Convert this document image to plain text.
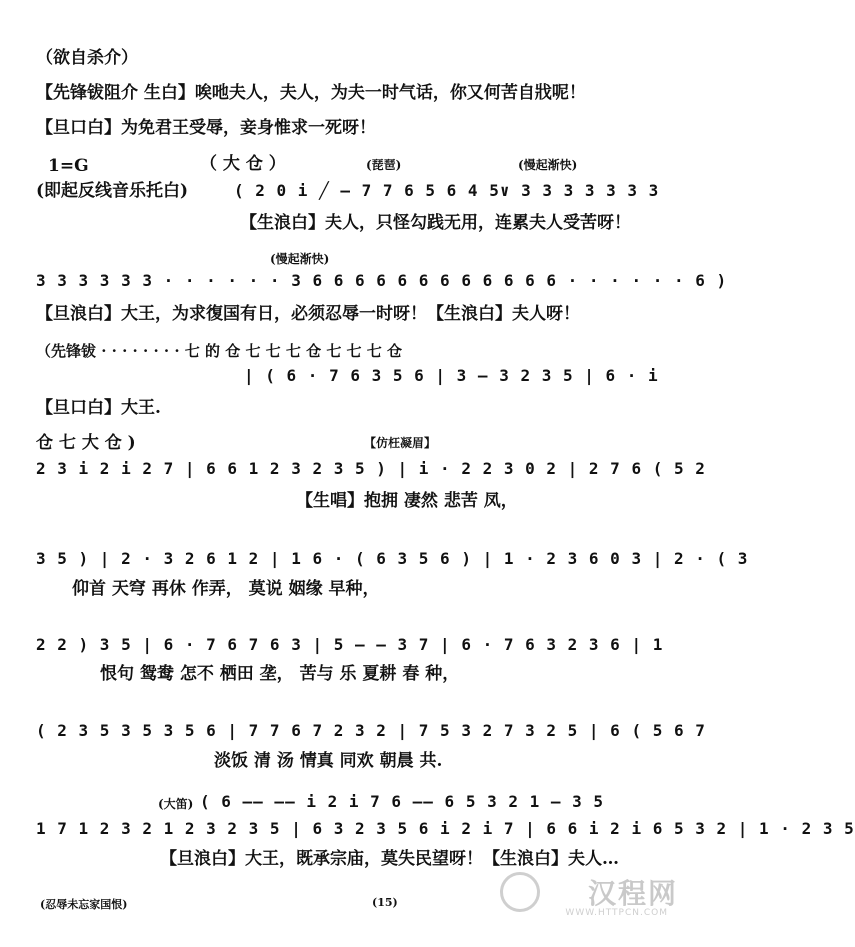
（欲自杀介）
【先锋钹阻介 生白】唉吔夫人，夫人，为夫一时气话，你又何苦自戕呢！
【旦口白】为免君王受辱，妾身惟求一死呀！
1=G	（ 大 仓 ）	(琵琶)	(慢起渐快)
(即起反线音乐托白)	( 2 0 i ╱ – 7 7 6 5 6 4 5∨ 3 3 3 3 3 3 3
【生浪白】夫人，只怪勾践无用，连累夫人受苦呀！
(慢起渐快)
3 3 3 3 3 3 · · · · · · 3 6 6 6 6 6 6 6 6 6 6 6 6 · · · · · · 6 )
【旦浪白】大王，为求復国有日，必须忍辱一时呀！【生浪白】夫人呀！
（先锋钹 · · · · · · · · 七 的 仓 七 七 七 仓 七 七 七 仓
| ( 6 · 7 6 3 5 6 | 3 — 3 2 3 5 | 6 · i
【旦口白】大王.
仓 七 大 仓 )	【仿枉凝眉】
2 3 i 2 i 2 7 | 6 6 1 2 3 2 3 5 ) | i · 2 2 3 0 2 | 2 7 6 ( 5 2
【生唱】抱拥 凄然 悲苦 凤，
3 5 ) | 2 · 3 2 6 1 2 | 1 6 · ( 6 3 5 6 ) | 1 · 2 3 6 0 3 | 2 · ( 3
仰首 天穹 再休 作弄， 莫说 姻缘 早种，
2 2 ) 3 5 | 6 · 7 6 7 6 3 | 5 – – 3 7 | 6 · 7 6 3 2 3 6 | 1
恨句 鸳鸯 怎不 栖田 垄， 苦与 乐 夏耕 春 种，
( 2 3 5 3 5 3 5 6 | 7 7 6 7 2 3 2 | 7 5 3 2 7 3 2 5 | 6 ( 5 6 7
淡饭 清 汤 情真 同欢 朝晨 共.
(大笛) ( 6 —— —— i 2 i 7 6 —— 6 5 3 2 1 – 3 5
1 7 1 2 3 2 1 2 3 2 3 5 | 6 3 2 3 5 6 i 2 i 7 | 6 6 i 2 i 6 5 3 2 | 1 · 2 3 5
【旦浪白】大王，既承宗庙，莫失民望呀！【生浪白】夫人…
(忍辱未忘家国恨)	(15)	汉程网
WWW.HTTPCN.COM
